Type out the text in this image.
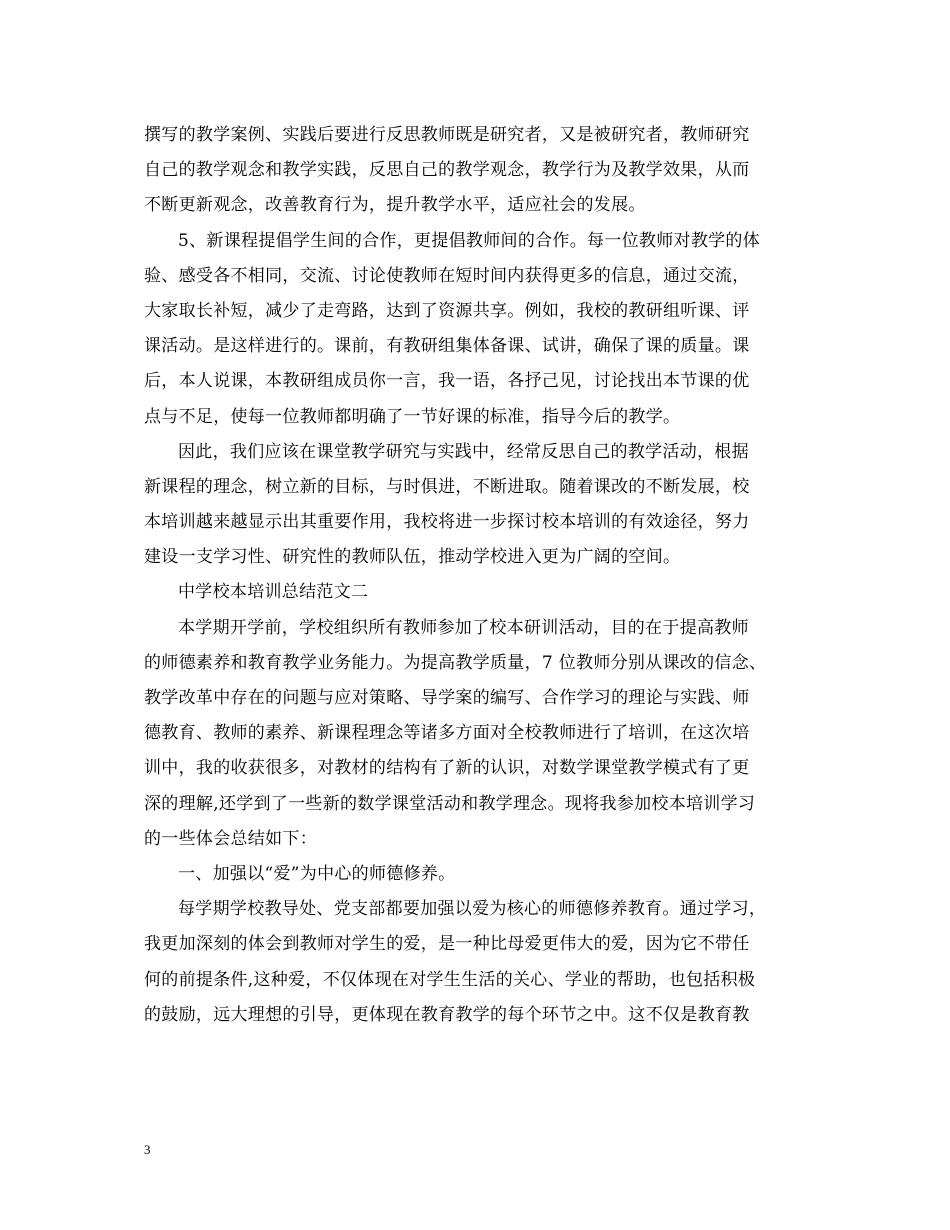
撰写的教学案例、实践后要进行反思教师既是研究者，又是被研究者，教师研究
自己的教学观念和教学实践，反思自己的教学观念，教学行为及教学效果，从而
不断更新观念，改善教育行为，提升教学水平，适应社会的发展。
5、新课程提倡学生间的合作，更提倡教师间的合作。每一位教师对教学的体
验、感受各不相同，交流、讨论使教师在短时间内获得更多的信息，通过交流，
大家取长补短，减少了走弯路，达到了资源共享。例如，我校的教研组听课、评
课活动。是这样进行的。课前，有教研组集体备课、试讲，确保了课的质量。课
后，本人说课，本教研组成员你一言，我一语，各抒己见，讨论找出本节课的优
点与不足，使每一位教师都明确了一节好课的标准，指导今后的教学。
因此，我们应该在课堂教学研究与实践中，经常反思自己的教学活动，根据
新课程的理念，树立新的目标，与时俱进，不断进取。随着课改的不断发展，校
本培训越来越显示出其重要作用，我校将进一步探讨校本培训的有效途径，努力
建设一支学习性、研究性的教师队伍，推动学校进入更为广阔的空间。
中学校本培训总结范文二
本学期开学前，学校组织所有教师参加了校本研训活动，目的在于提高教师
的师德素养和教育教学业务能力。为提高教学质量，7 位教师分别从课改的信念、
教学改革中存在的问题与应对策略、导学案的编写、合作学习的理论与实践、师
德教育、教师的素养、新课程理念等诸多方面对全校教师进行了培训，在这次培
训中，我的收获很多，对教材的结构有了新的认识，对数学课堂教学模式有了更
深的理解,还学到了一些新的数学课堂活动和教学理念。现将我参加校本培训学习
的一些体会总结如下：
一、加强以“爱”为中心的师德修养。
每学期学校教导处、党支部都要加强以爱为核心的师德修养教育。通过学习，
我更加深刻的体会到教师对学生的爱，是一种比母爱更伟大的爱，因为它不带任
何的前提条件,这种爱，不仅体现在对学生生活的关心、学业的帮助，也包括积极
的鼓励，远大理想的引导，更体现在教育教学的每个环节之中。这不仅是教育教
3
